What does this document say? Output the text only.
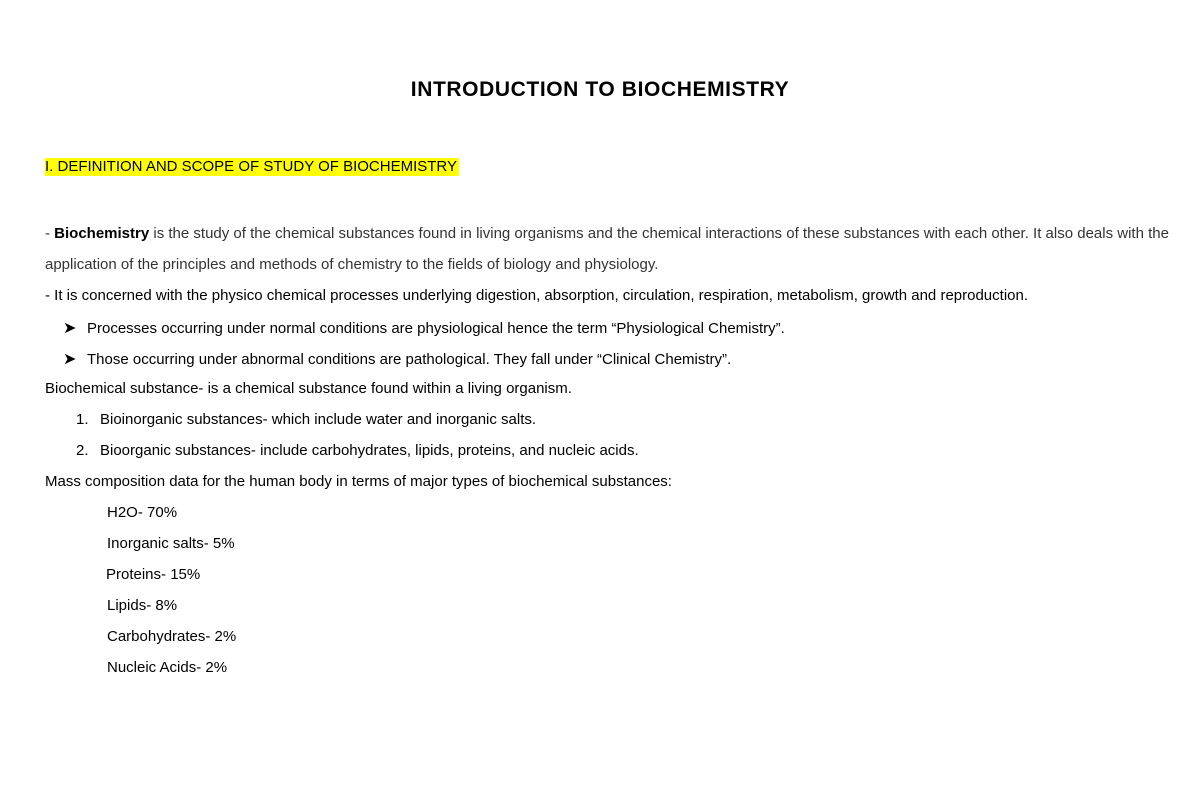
INTRODUCTION TO BIOCHEMISTRY
I. DEFINITION AND SCOPE OF STUDY OF BIOCHEMISTRY
- Biochemistry is the study of the chemical substances found in living organisms and the chemical interactions of these substances with each other. It also deals with the
application of the principles and methods of chemistry to the fields of biology and physiology.
- It is concerned with the physico chemical processes underlying digestion, absorption, circulation, respiration, metabolism, growth and reproduction.
➤ Processes occurring under normal conditions are physiological hence the term “Physiological Chemistry”.
➤ Those occurring under abnormal conditions are pathological. They fall under “Clinical Chemistry”.
Biochemical substance- is a chemical substance found within a living organism.
1. Bioinorganic substances- which include water and inorganic salts.
2. Bioorganic substances- include carbohydrates, lipids, proteins, and nucleic acids.
Mass composition data for the human body in terms of major types of biochemical substances:
H2O- 70%
Inorganic salts- 5%
Proteins- 15%
Lipids- 8%
Carbohydrates- 2%
Nucleic Acids- 2%
